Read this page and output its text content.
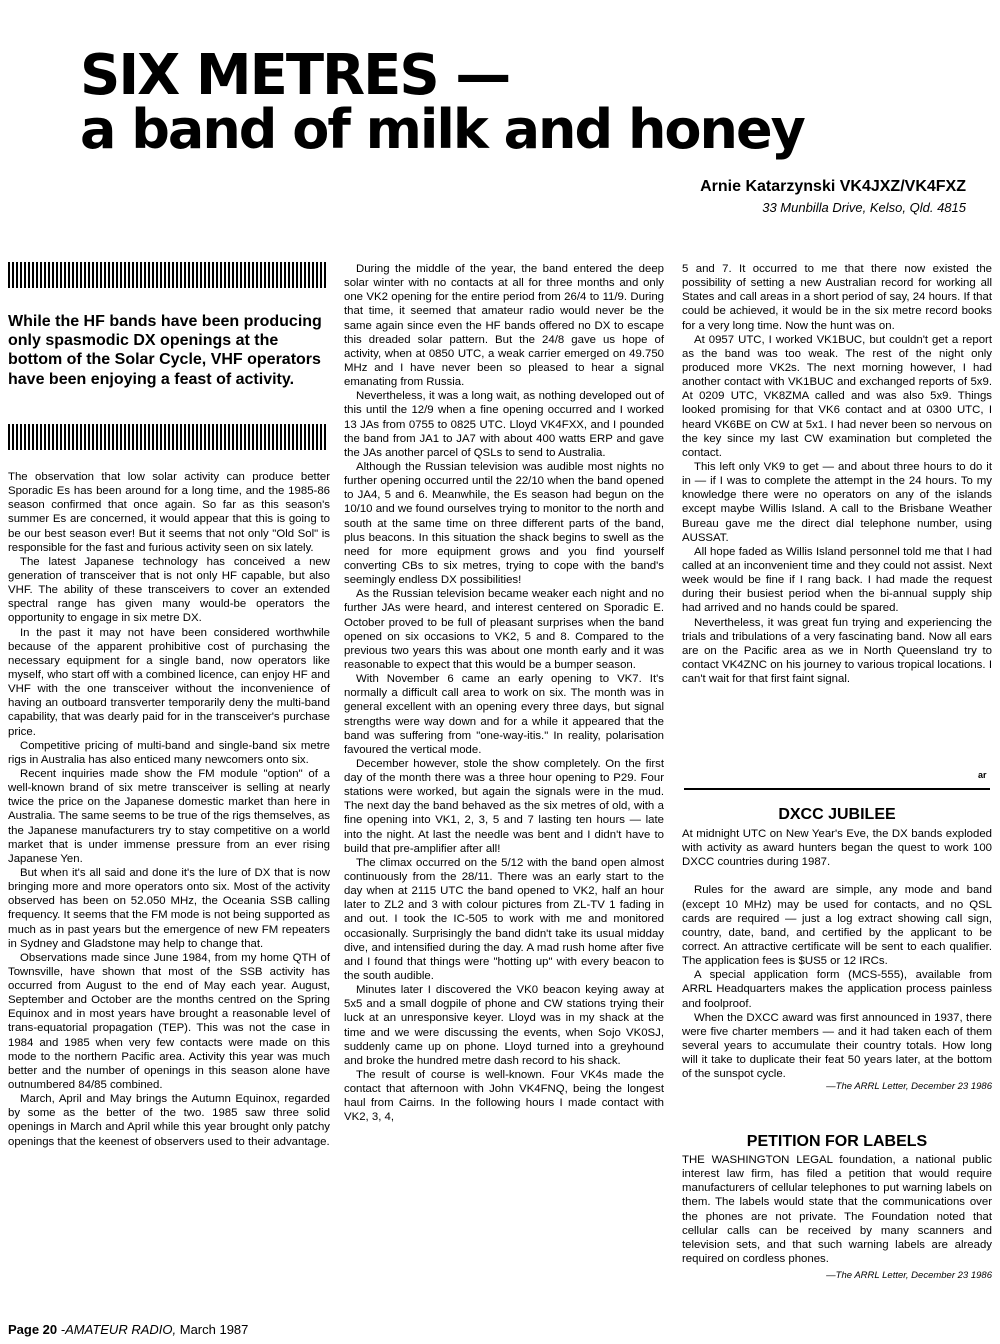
SIX METRES —
a band of milk and honey
Arnie Katarzynski VK4JXZ/VK4FXZ
33 Munbilla Drive, Kelso, Qld. 4815

While the HF bands have been producing only spasmodic DX openings at the bottom of the Solar Cycle, VHF operators have been enjoying a feast of activity.

The observation that low solar activity can produce better Sporadic Es has been around for a long time, and the 1985-86 season confirmed that once again. So far as this season's summer Es are concerned, it would appear that this is going to be our best season ever! But it seems that not only "Old Sol" is responsible for the fast and furious activity seen on six lately.

The latest Japanese technology has conceived a new generation of transceiver that is not only HF capable, but also VHF. The ability of these transceivers to cover an extended spectral range has given many would-be operators the opportunity to engage in six metre DX.

In the past it may not have been considered worthwhile because of the apparent prohibitive cost of purchasing the necessary equipment for a single band, now operators like myself, who start off with a combined licence, can enjoy HF and VHF with the one transceiver without the inconvenience of having an outboard transverter temporarily deny the multi-band capability, that was dearly paid for in the transceiver's purchase price.

Competitive pricing of multi-band and single-band six metre rigs in Australia has also enticed many newcomers onto six.

Recent inquiries made show the FM module "option" of a well-known brand of six metre transceiver is selling at nearly twice the price on the Japanese domestic market than here in Australia. The same seems to be true of the rigs themselves, as the Japanese manufacturers try to stay competitive on a world market that is under immense pressure from an ever rising Japanese Yen.

But when it's all said and done it's the lure of DX that is now bringing more and more operators onto six. Most of the activity observed has been on 52.050 MHz, the Oceania SSB calling frequency. It seems that the FM mode is not being supported as much as in past years but the emergence of new FM repeaters in Sydney and Gladstone may help to change that.

Observations made since June 1984, from my home QTH of Townsville, have shown that most of the SSB activity has occurred from August to the end of May each year. August, September and October are the months centred on the Spring Equinox and in most years have brought a reasonable level of trans-equatorial propagation (TEP). This was not the case in 1984 and 1985 when very few contacts were made on this mode to the northern Pacific area. Activity this year was much better and the number of openings in this season alone have outnumbered 84/85 combined.

March, April and May brings the Autumn Equinox, regarded by some as the better of the two. 1985 saw three solid openings in March and April while this year brought only patchy openings that the keenest of observers used to their advantage.

During the middle of the year, the band entered the deep solar winter with no contacts at all for three months and only one VK2 opening for the entire period from 26/4 to 11/9. During that time, it seemed that amateur radio would never be the same again since even the HF bands offered no DX to escape this dreaded solar pattern. But the 24/8 gave us hope of activity, when at 0850 UTC, a weak carrier emerged on 49.750 MHz and I have never been so pleased to hear a signal emanating from Russia.

Nevertheless, it was a long wait, as nothing developed out of this until the 12/9 when a fine opening occurred and I worked 13 JAs from 0755 to 0825 UTC. Lloyd VK4FXX, and I pounded the band from JA1 to JA7 with about 400 watts ERP and gave the JAs another parcel of QSLs to send to Australia.

Although the Russian television was audible most nights no further opening occurred until the 22/10 when the band opened to JA4, 5 and 6. Meanwhile, the Es season had begun on the 10/10 and we found ourselves trying to monitor to the north and south at the same time on three different parts of the band, plus beacons. In this situation the shack begins to swell as the need for more equipment grows and you find yourself converting CBs to six metres, trying to cope with the band's seemingly endless DX possibilities!

As the Russian television became weaker each night and no further JAs were heard, and interest centered on Sporadic E. October proved to be full of pleasant surprises when the band opened on six occasions to VK2, 5 and 8. Compared to the previous two years this was about one month early and it was reasonable to expect that this would be a bumper season.

With November 6 came an early opening to VK7. It's normally a difficult call area to work on six. The month was in general excellent with an opening every three days, but signal strengths were way down and for a while it appeared that the band was suffering from "one-way-itis." In reality, polarisation favoured the vertical mode.

December however, stole the show completely. On the first day of the month there was a three hour opening to P29. Four stations were worked, but again the signals were in the mud. The next day the band behaved as the six metres of old, with a fine opening into VK1, 2, 3, 5 and 7 lasting ten hours — late into the night. At last the needle was bent and I didn't have to build that pre-amplifier after all!

The climax occurred on the 5/12 with the band open almost continuously from the 28/11. There was an early start to the day when at 2115 UTC the band opened to VK2, half an hour later to ZL2 and 3 with colour pictures from ZL-TV 1 fading in and out. I took the IC-505 to work with me and monitored occasionally. Surprisingly the band didn't take its usual midday dive, and intensified during the day. A mad rush home after five and I found that things were "hotting up" with every beacon to the south audible.

Minutes later I discovered the VK0 beacon keying away at 5x5 and a small dogpile of phone and CW stations trying their luck at an unresponsive keyer. Lloyd was in my shack at the time and we were discussing the events, when Sojo VK0SJ, suddenly came up on phone. Lloyd turned into a greyhound and broke the hundred metre dash record to his shack.

The result of course is well-known. Four VK4s made the contact that afternoon with John VK4FNQ, being the longest haul from Cairns. In the following hours I made contact with VK2, 3, 4,

5 and 7. It occurred to me that there now existed the possibility of setting a new Australian record for working all States and call areas in a short period of say, 24 hours. If that could be achieved, it would be in the six metre record books for a very long time. Now the hunt was on.

At 0957 UTC, I worked VK1BUC, but couldn't get a report as the band was too weak. The rest of the night only produced more VK2s. The next morning however, I had another contact with VK1BUC and exchanged reports of 5x9. At 0209 UTC, VK8ZMA called and was also 5x9. Things looked promising for that VK6 contact and at 0300 UTC, I heard VK6BE on CW at 5x1. I had never been so nervous on the key since my last CW examination but completed the contact.

This left only VK9 to get — and about three hours to do it in — if I was to complete the attempt in the 24 hours. To my knowledge there were no operators on any of the islands except maybe Willis Island. A call to the Brisbane Weather Bureau gave me the direct dial telephone number, using AUSSAT.

All hope faded as Willis Island personnel told me that I had called at an inconvenient time and they could not assist. Next week would be fine if I rang back. I had made the request during their busiest period when the bi-annual supply ship had arrived and no hands could be spared.

Nevertheless, it was great fun trying and experiencing the trials and tribulations of a very fascinating band. Now all ears are on the Pacific area as we in North Queensland try to contact VK4ZNC on his journey to various tropical locations. I can't wait for that first faint signal.

ar
DXCC JUBILEE

At midnight UTC on New Year's Eve, the DX bands exploded with activity as award hunters began the quest to work 100 DXCC countries during 1987.

Rules for the award are simple, any mode and band (except 10 MHz) may be used for contacts, and no QSL cards are required — just a log extract showing call sign, country, date, band, and certified by the applicant to be correct. An attractive certificate will be sent to each qualifier. The application fees is $US5 or 12 IRCs.

A special application form (MCS-555), available from ARRL Headquarters makes the application process painless and foolproof.

When the DXCC award was first announced in 1937, there were five charter members — and it had taken each of them several years to accumulate their country totals. How long will it take to duplicate their feat 50 years later, at the bottom of the sunspot cycle.

—The ARRL Letter, December 23 1986

PETITION FOR LABELS

THE WASHINGTON LEGAL foundation, a national public interest law firm, has filed a petition that would require manufacturers of cellular telephones to put warning labels on them. The labels would state that the communications over the phones are not private. The Foundation noted that cellular calls can be received by many scanners and television sets, and that such warning labels are already required on cordless phones.

—The ARRL Letter, December 23 1986

Page 20 -AMATEUR RADIO, March 1987
